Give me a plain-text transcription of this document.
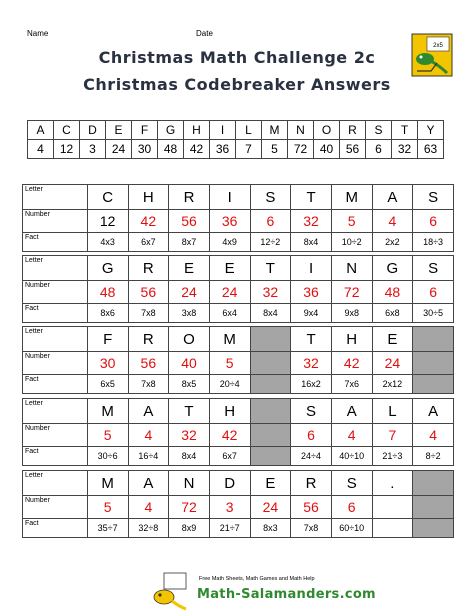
Name	Date
Christmas Math Challenge 2c
Christmas Codebreaker Answers
2x5
A	C	D	E	F	G	H	I	L	M	N	O	R	S	T	Y
4	12	3	24	30	48	42	36	7	5	72	40	56	6	32	63
Letter	C	H	R	I	S	T	M	A	S
Number	12	42	56	36	6	32	5	4	6
Fact	4x3	6x7	8x7	4x9	12÷2	8x4	10÷2	2x2	18÷3
Letter	G	R	E	E	T	I	N	G	S
Number	48	56	24	24	32	36	72	48	6
Fact	8x6	7x8	3x8	6x4	8x4	9x4	9x8	6x8	30÷5
Letter	F	R	O	M		T	H	E	
Number	30	56	40	5		32	42	24	
Fact	6x5	7x8	8x5	20÷4		16x2	7x6	2x12	
Letter	M	A	T	H		S	A	L	A
Number	5	4	32	42		6	4	7	4
Fact	30÷6	16÷4	8x4	6x7		24÷4	40÷10	21÷3	8÷2
Letter	M	A	N	D	E	R	S	.	
Number	5	4	72	3	24	56	6		
Fact	35÷7	32÷8	8x9	21÷7	8x3	7x8	60÷10		
Free Math Sheets, Math Games and Math Help
Math-Salamanders.com
